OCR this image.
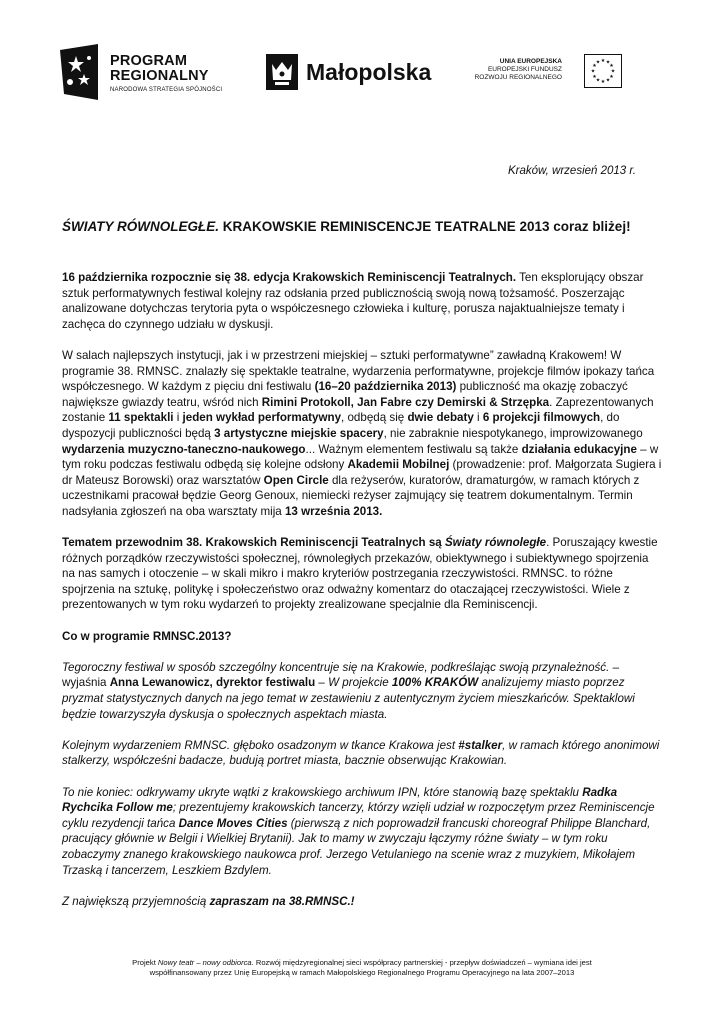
PROGRAM
REGIONALNY
NARODOWA STRATEGIA SPÓJNOŚCI
Małopolska	UNIA EUROPEJSKA
EUROPEJSKI FUNDUSZ
ROZWOJU REGIONALNEGO
★ ★
★
★
★
★
★
★
★
★
★
★
Kraków, wrzesień 2013 r.
ŚWIATY RÓWNOLEGŁE. KRAKOWSKIE REMINISCENCJE TEATRALNE 2013 coraz bliżej!

16 października rozpocznie się 38. edycja Krakowskich Reminiscencji Teatralnych. Ten eksplorujący obszar sztuk performatywnych festiwal kolejny raz odsłania przed publicznością swoją nową tożsamość. Poszerzając analizowane dotychczas terytoria pyta o współczesnego człowieka i kulturę, porusza najaktualniejsze tematy i zachęca do czynnego udziału w dyskusji.

W salach najlepszych instytucji, jak i w przestrzeni miejskiej – sztuki performatywne” zawładną Krakowem! W programie 38. RMNSC. znalazły się spektakle teatralne, wydarzenia performatywne, projekcje filmów ipokazy tańca współczesnego. W każdym z pięciu dni festiwalu (16–20 października 2013) publiczność ma okazję zobaczyć największe gwiazdy teatru, wśród nich Rimini Protokoll, Jan Fabre czy Demirski & Strzępka. Zaprezentowanych zostanie 11 spektakli i jeden wykład performatywny, odbędą się dwie debaty i 6 projekcji filmowych, do dyspozycji publiczności będą 3 artystyczne miejskie spacery, nie zabraknie niespotykanego, improwizowanego wydarzenia muzyczno-taneczno-naukowego... Ważnym elementem festiwalu są także działania edukacyjne – w tym roku podczas festiwalu odbędą się kolejne odsłony Akademii Mobilnej (prowadzenie: prof. Małgorzata Sugiera i dr Mateusz Borowski) oraz warsztatów Open Circle dla reżyserów, kuratorów, dramaturgów, w ramach których z uczestnikami pracował będzie Georg Genoux, niemiecki reżyser zajmujący się teatrem dokumentalnym. Termin nadsyłania zgłoszeń na oba warsztaty mija 13 września 2013.

Tematem przewodnim 38. Krakowskich Reminiscencji Teatralnych są Światy równoległe. Poruszający kwestie różnych porządków rzeczywistości społecznej, równoległych przekazów, obiektywnego i subiektywnego spojrzenia na nas samych i otoczenie – w skali mikro i makro kryteriów postrzegania rzeczywistości. RMNSC. to różne spojrzenia na sztukę, politykę i społeczeństwo oraz odważny komentarz do otaczającej rzeczywistości. Wiele z prezentowanych w tym roku wydarzeń to projekty zrealizowane specjalnie dla Reminiscencji.

Co w programie RMNSC.2013?

Tegoroczny festiwal w sposób szczególny koncentruje się na Krakowie, podkreślając swoją przynależność. – wyjaśnia Anna Lewanowicz, dyrektor festiwalu – W projekcie 100% KRAKÓW analizujemy miasto poprzez pryzmat statystycznych danych na jego temat w zestawieniu z autentycznym życiem mieszkańców. Spektaklowi będzie towarzyszyła dyskusja o społecznych aspektach miasta.

Kolejnym wydarzeniem RMNSC. głęboko osadzonym w tkance Krakowa jest #stalker, w ramach którego anonimowi stalkerzy, współcześni badacze, budują portret miasta, bacznie obserwując Krakowian.

To nie koniec: odkrywamy ukryte wątki z krakowskiego archiwum IPN, które stanowią bazę spektaklu Radka Rychcika Follow me; prezentujemy krakowskich tancerzy, którzy wzięli udział w rozpoczętym przez Reminiscencje cyklu rezydencji tańca Dance Moves Cities (pierwszą z nich poprowadził francuski choreograf Philippe Blanchard, pracujący głównie w Belgii i Wielkiej Brytanii). Jak to mamy w zwyczaju łączymy różne światy – w tym roku zobaczymy znanego krakowskiego naukowca prof. Jerzego Vetulaniego na scenie wraz z muzykiem, Mikołajem Trzaską i tancerzem, Leszkiem Bzdylem.

Z największą przyjemnością zapraszam na 38.RMNSC.!

Projekt Nowy teatr – nowy odbiorca. Rozwój międzyregionalnej sieci współpracy partnerskiej - przepływ doświadczeń – wymiana idei jest
współfinansowany przez Unię Europejską w ramach Małopolskiego Regionalnego Programu Operacyjnego na lata 2007–2013
